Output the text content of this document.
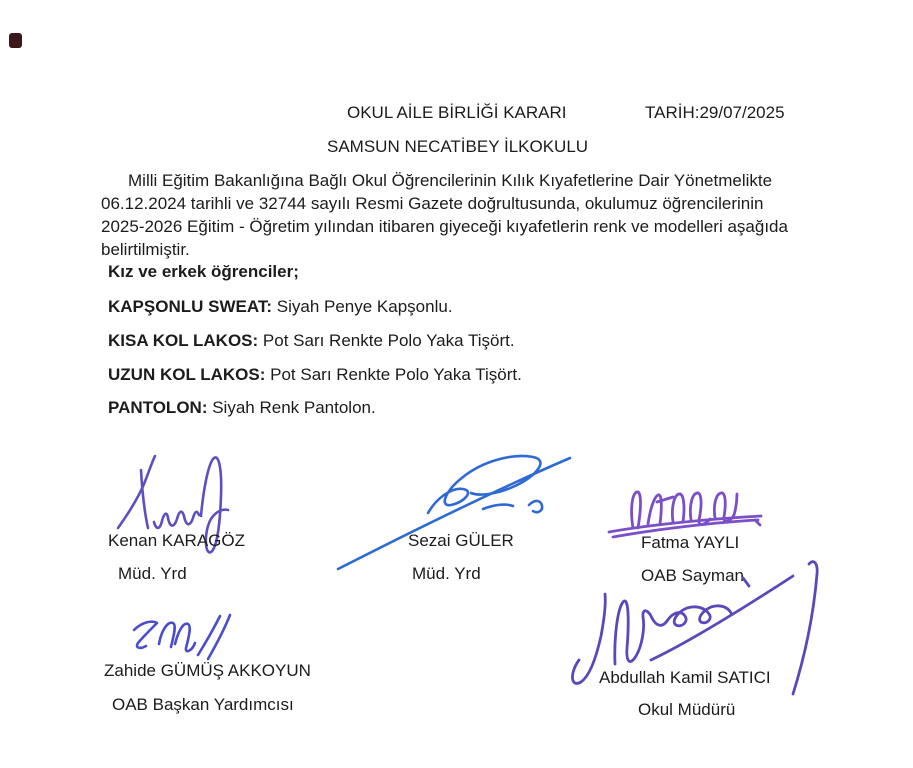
OKUL AİLE BİRLİĞİ KARARI	TARİH:29/07/2025
SAMSUN NECATİBEY İLKOKULU
Milli Eğitim Bakanlığına Bağlı Okul Öğrencilerinin Kılık Kıyafetlerine Dair Yönetmelikte
06.12.2024 tarihli ve 32744 sayılı Resmi Gazete doğrultusunda, okulumuz öğrencilerinin
2025-2026 Eğitim - Öğretim yılından itibaren giyeceği kıyafetlerin renk ve modelleri aşağıda
belirtilmiştir.
Kız ve erkek öğrenciler;
KAPŞONLU SWEAT: Siyah Penye Kapşonlu.
KISA KOL LAKOS: Pot Sarı Renkte Polo Yaka Tişört.
UZUN KOL LAKOS: Pot Sarı Renkte Polo Yaka Tişört.
PANTOLON: Siyah Renk Pantolon.
Kenan KARAGÖZ
Müd. Yrd
Sezai GÜLER
Müd. Yrd
Fatma YAYLI
OAB Sayman
Zahide GÜMÜŞ AKKOYUN
OAB Başkan Yardımcısı
Abdullah Kamil SATICI
Okul Müdürü
